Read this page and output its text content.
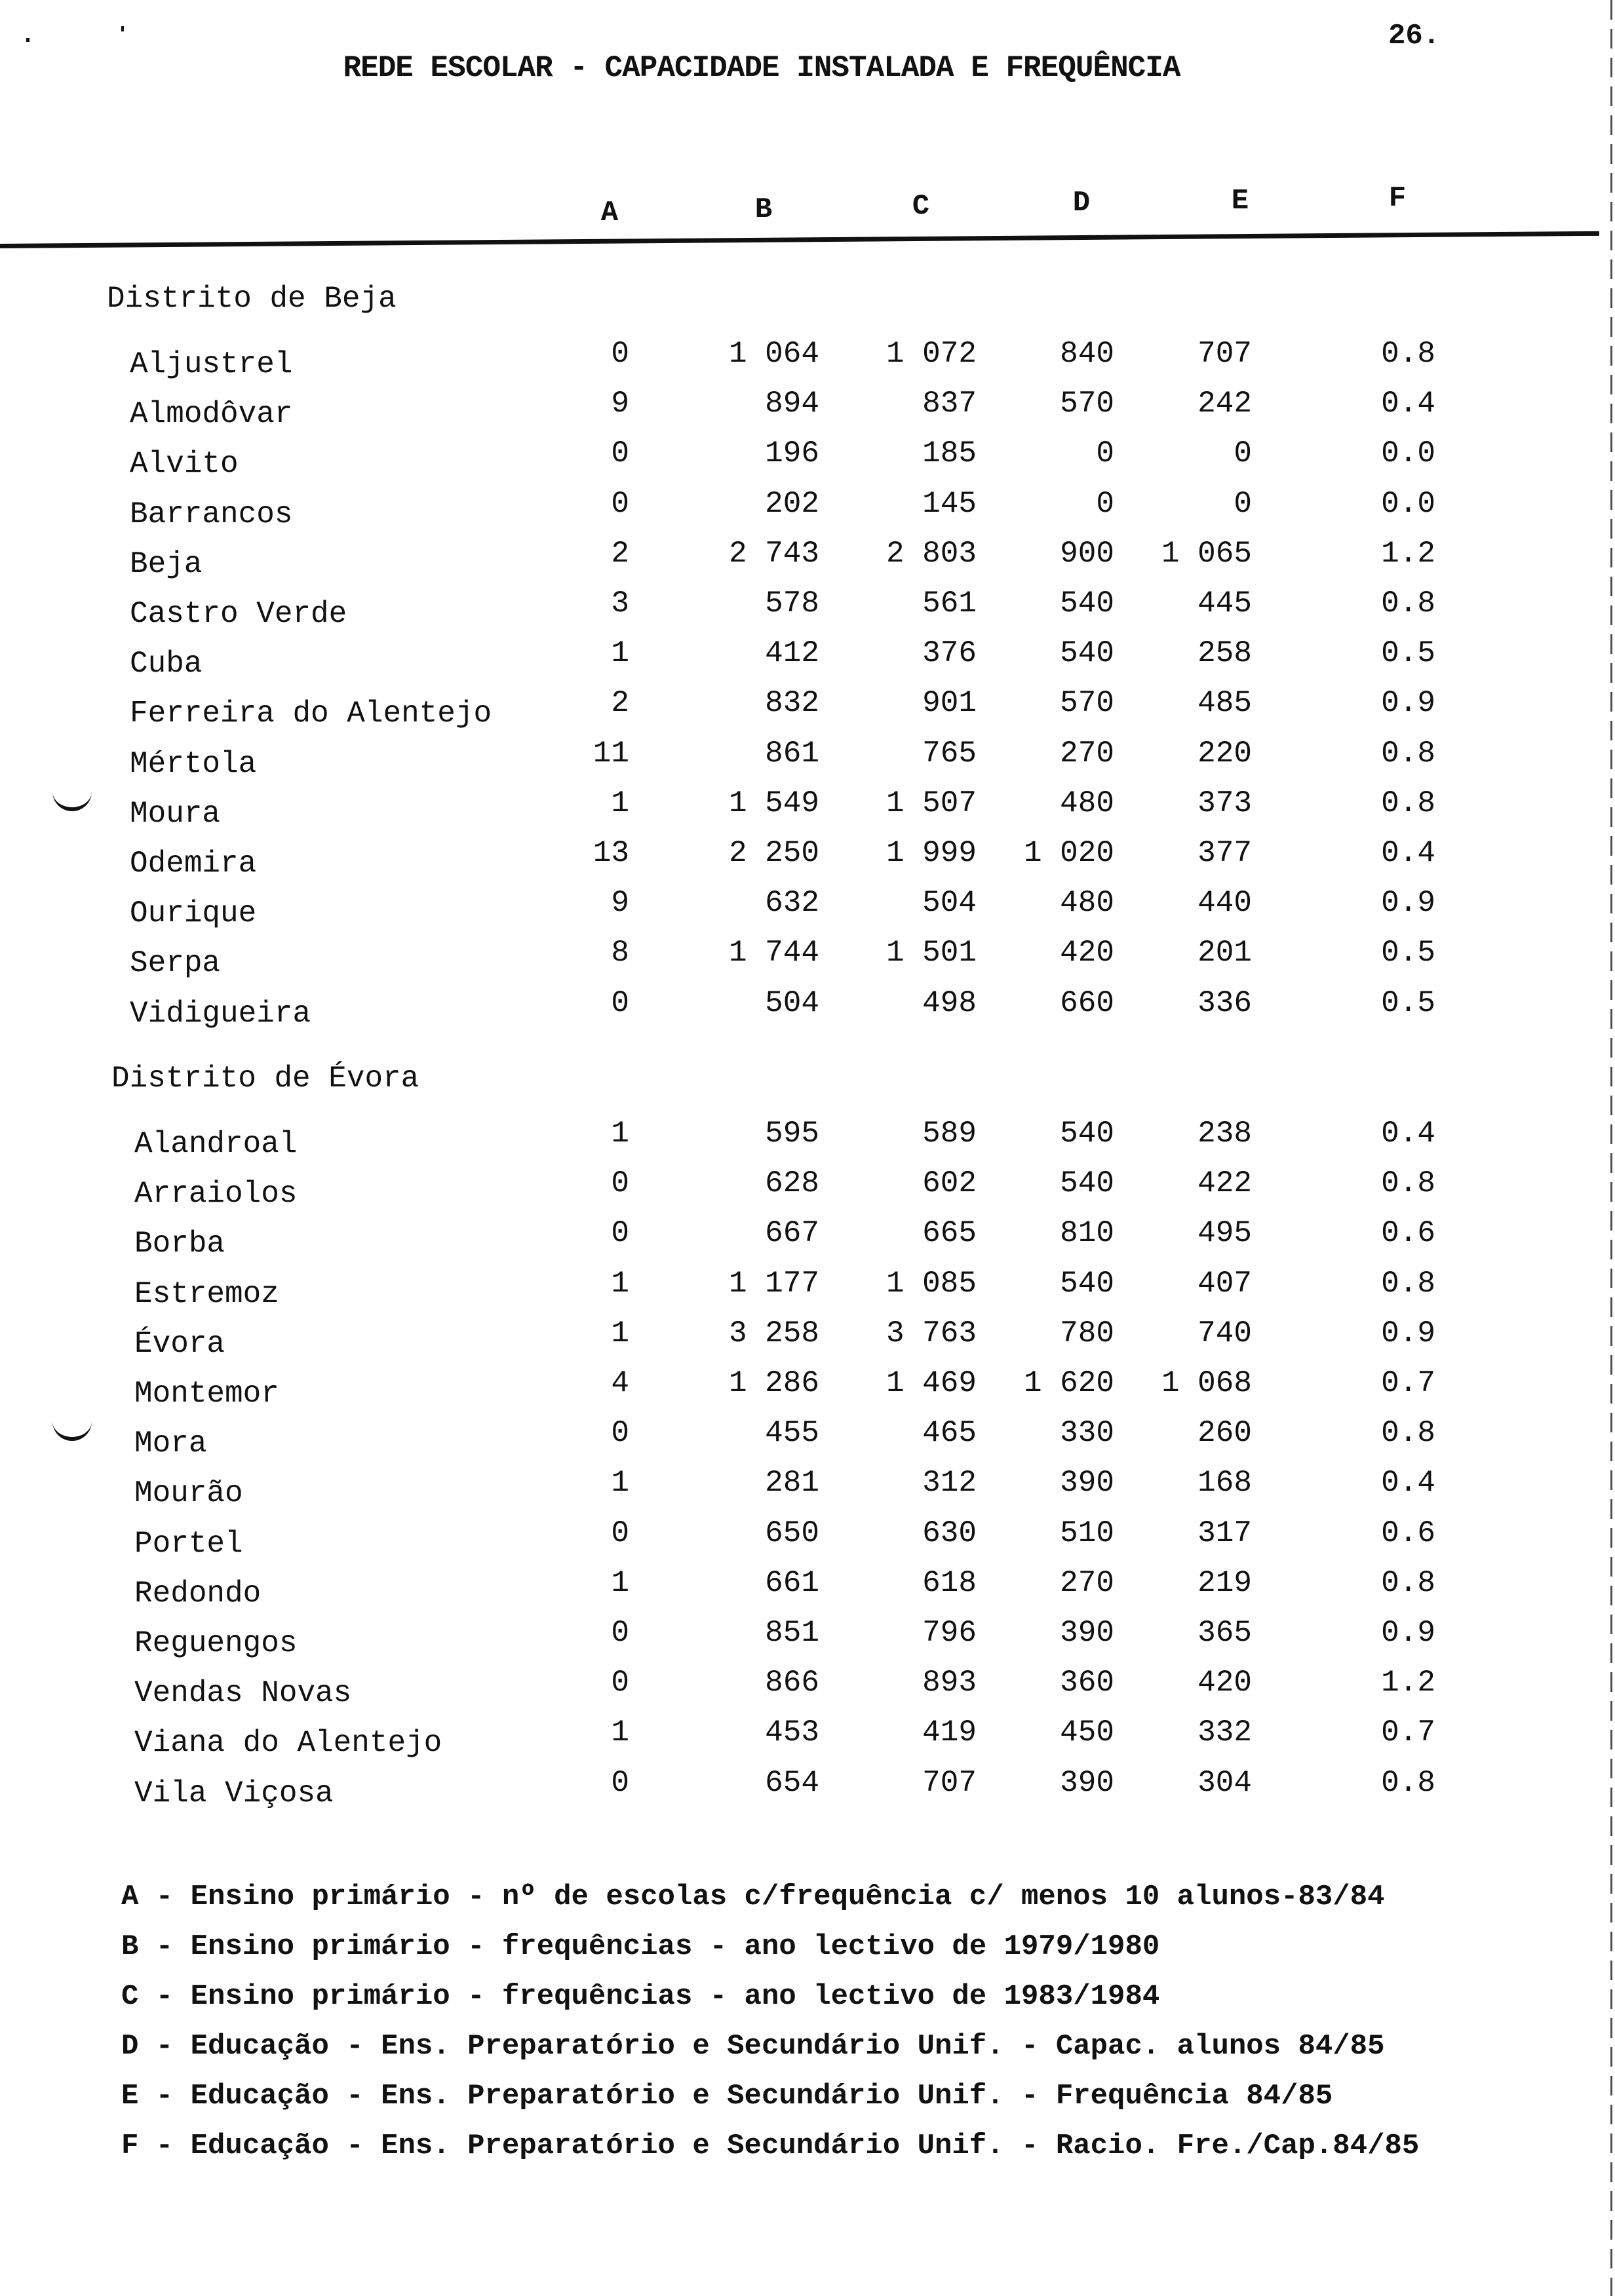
26.
REDE ESCOLAR - CAPACIDADE INSTALADA E FREQUÊNCIA
A	B	C	D	E	F
Distrito de Beja
Aljustrel	0	1 064	1 072	840	707	0.8
Almodôvar	9	894	837	570	242	0.4
Alvito	0	196	185	0	0	0.0
Barrancos	0	202	145	0	0	0.0
Beja	2	2 743	2 803	900	1 065	1.2
Castro Verde	3	578	561	540	445	0.8
Cuba	1	412	376	540	258	0.5
Ferreira do Alentejo	2	832	901	570	485	0.9
Mértola	11	861	765	270	220	0.8
Moura	1	1 549	1 507	480	373	0.8
Odemira	13	2 250	1 999	1 020	377	0.4
Ourique	9	632	504	480	440	0.9
Serpa	8	1 744	1 501	420	201	0.5
Vidigueira	0	504	498	660	336	0.5
Distrito de Évora
Alandroal	1	595	589	540	238	0.4
Arraiolos	0	628	602	540	422	0.8
Borba	0	667	665	810	495	0.6
Estremoz	1	1 177	1 085	540	407	0.8
Évora	1	3 258	3 763	780	740	0.9
Montemor	4	1 286	1 469	1 620	1 068	0.7
Mora	0	455	465	330	260	0.8
Mourão	1	281	312	390	168	0.4
Portel	0	650	630	510	317	0.6
Redondo	1	661	618	270	219	0.8
Reguengos	0	851	796	390	365	0.9
Vendas Novas	0	866	893	360	420	1.2
Viana do Alentejo	1	453	419	450	332	0.7
Vila Viçosa	0	654	707	390	304	0.8
A - Ensino primário - nº de escolas c/frequência c/ menos 10 alunos-83/84
B - Ensino primário - frequências - ano lectivo de 1979/1980
C - Ensino primário - frequências - ano lectivo de 1983/1984
D - Educação - Ens. Preparatório e Secundário Unif. - Capac. alunos 84/85
E - Educação - Ens. Preparatório e Secundário Unif. - Frequência 84/85
F - Educação - Ens. Preparatório e Secundário Unif. - Racio. Fre./Cap.84/85
